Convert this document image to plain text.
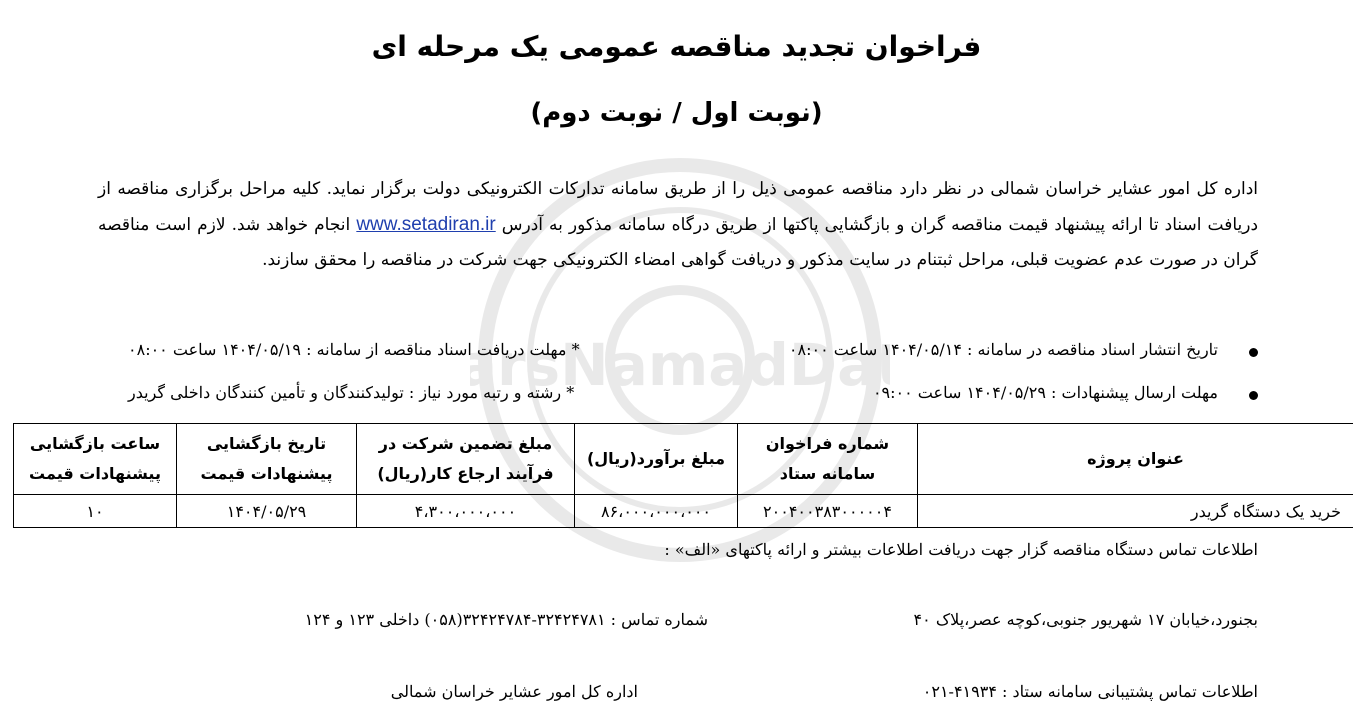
arsNamadDa
فراخوان تجدید مناقصه عمومی یک مرحله ای
(نوبت اول / نوبت دوم)
اداره کل امور عشایر خراسان شمالی در نظر دارد مناقصه عمومی ذیل را از طریق سامانه تدارکات الکترونیکی دولت برگزار نماید. کلیه مراحل برگزاری مناقصه از دریافت اسناد تا ارائه پیشنهاد قیمت مناقصه گران و بازگشایی پاکتها از طریق درگاه سامانه مذکور به آدرس www.setadiran.ir انجام خواهد شد. لازم است مناقصه گران در صورت عدم عضویت قبلی، مراحل ثبتنام در سایت مذکور و دریافت گواهی امضاء الکترونیکی جهت شرکت در مناقصه را محقق سازند.
تاریخ انتشار اسناد مناقصه در سامانه : ۱۴۰۴/۰۵/۱۴ ساعت ۰۸:۰۰
* مهلت دریافت اسناد مناقصه از سامانه : ۱۴۰۴/۰۵/۱۹ ساعت ۰۸:۰۰
مهلت ارسال پیشنهادات : ۱۴۰۴/۰۵/۲۹ ساعت ۰۹:۰۰
* رشته و رتبه مورد نیاز : تولیدکنندگان و تأمین کنندگان داخلی گریدر
عنوان پروژه	شماره فراخوان سامانه ستاد	مبلغ برآورد(ریال)	مبلغ تضمین شرکت در فرآیند ارجاع کار(ریال)	تاریخ بازگشایی پیشنهادات قیمت	ساعت بازگشایی پیشنهادات قیمت
خرید یک دستگاه گریدر	۲۰۰۴۰۰۳۸۳۰۰۰۰۰۴	۸۶،۰۰۰،۰۰۰،۰۰۰	۴،۳۰۰،۰۰۰،۰۰۰	۱۴۰۴/۰۵/۲۹	۱۰
اطلاعات تماس دستگاه مناقصه گزار جهت دریافت اطلاعات بیشتر و ارائه پاکتهای «الف» :
بجنورد،خیابان ۱۷ شهریور جنوبی،کوچه عصر،پلاک ۴۰
شماره تماس : ۳۲۴۲۴۷۸۱-۳۲۴۲۴۷۸۴(۰۵۸) داخلی ۱۲۳ و ۱۲۴
اطلاعات تماس پشتیبانی سامانه ستاد : ۴۱۹۳۴-۰۲۱
اداره کل امور عشایر خراسان شمالی
